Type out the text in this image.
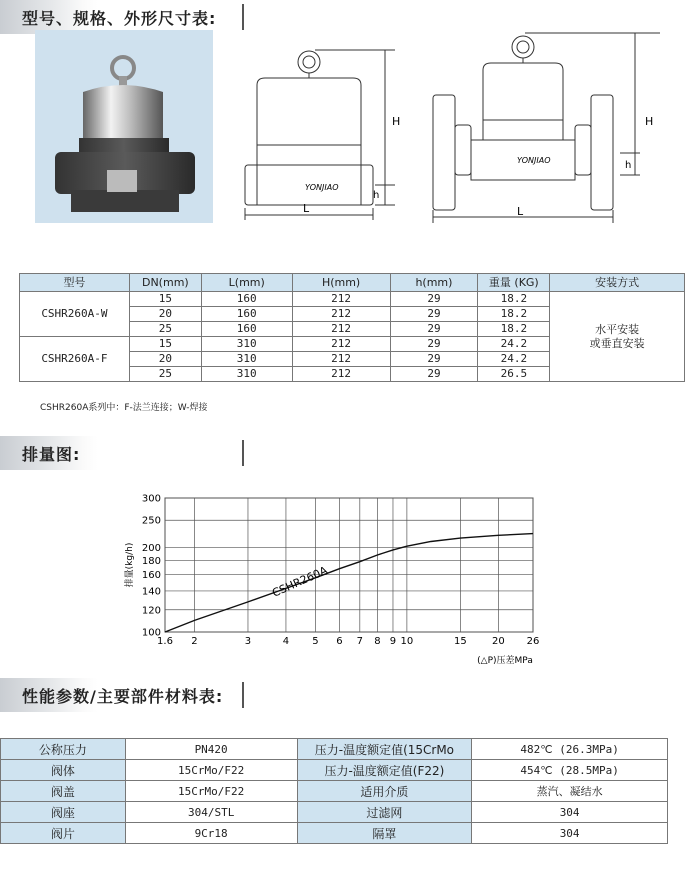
型号、规格、外形尺寸表:
YONJIAO
H
h
L
YONJIAO
H
h
L
型号	DN(mm)	L(mm)	H(mm)	h(mm)	重量 (KG)	安装方式
CSHR260A-W	15	160	212	29	18.2	水平安装
或垂直安装
	20	160	212	29	18.2	
	25	160	212	29	18.2	
CSHR260A-F	15	310	212	29	24.2	
	20	310	212	29	24.2	
	25	310	212	29	26.5	
CSHR260A系列中：F-法兰连接；W-焊接
排量图:
CSHR260A
1.6 2	3	4 5 6 7 8 9 10	15	20 26
100
120
140
160
180
200
250
300
排量(kg/h)
(△P)压差MPa
性能参数/主要部件材料表:
公称压力	PN420	压力-温度额定值(15CrMo	482℃ (26.3MPa)
阀体	15CrMo/F22	压力-温度额定值(F22)	454℃ (28.5MPa)
阀盖	15CrMo/F22	适用介质	蒸汽、凝结水
阀座	304/STL	过滤网	304
阀片	9Cr18	隔罩	304
